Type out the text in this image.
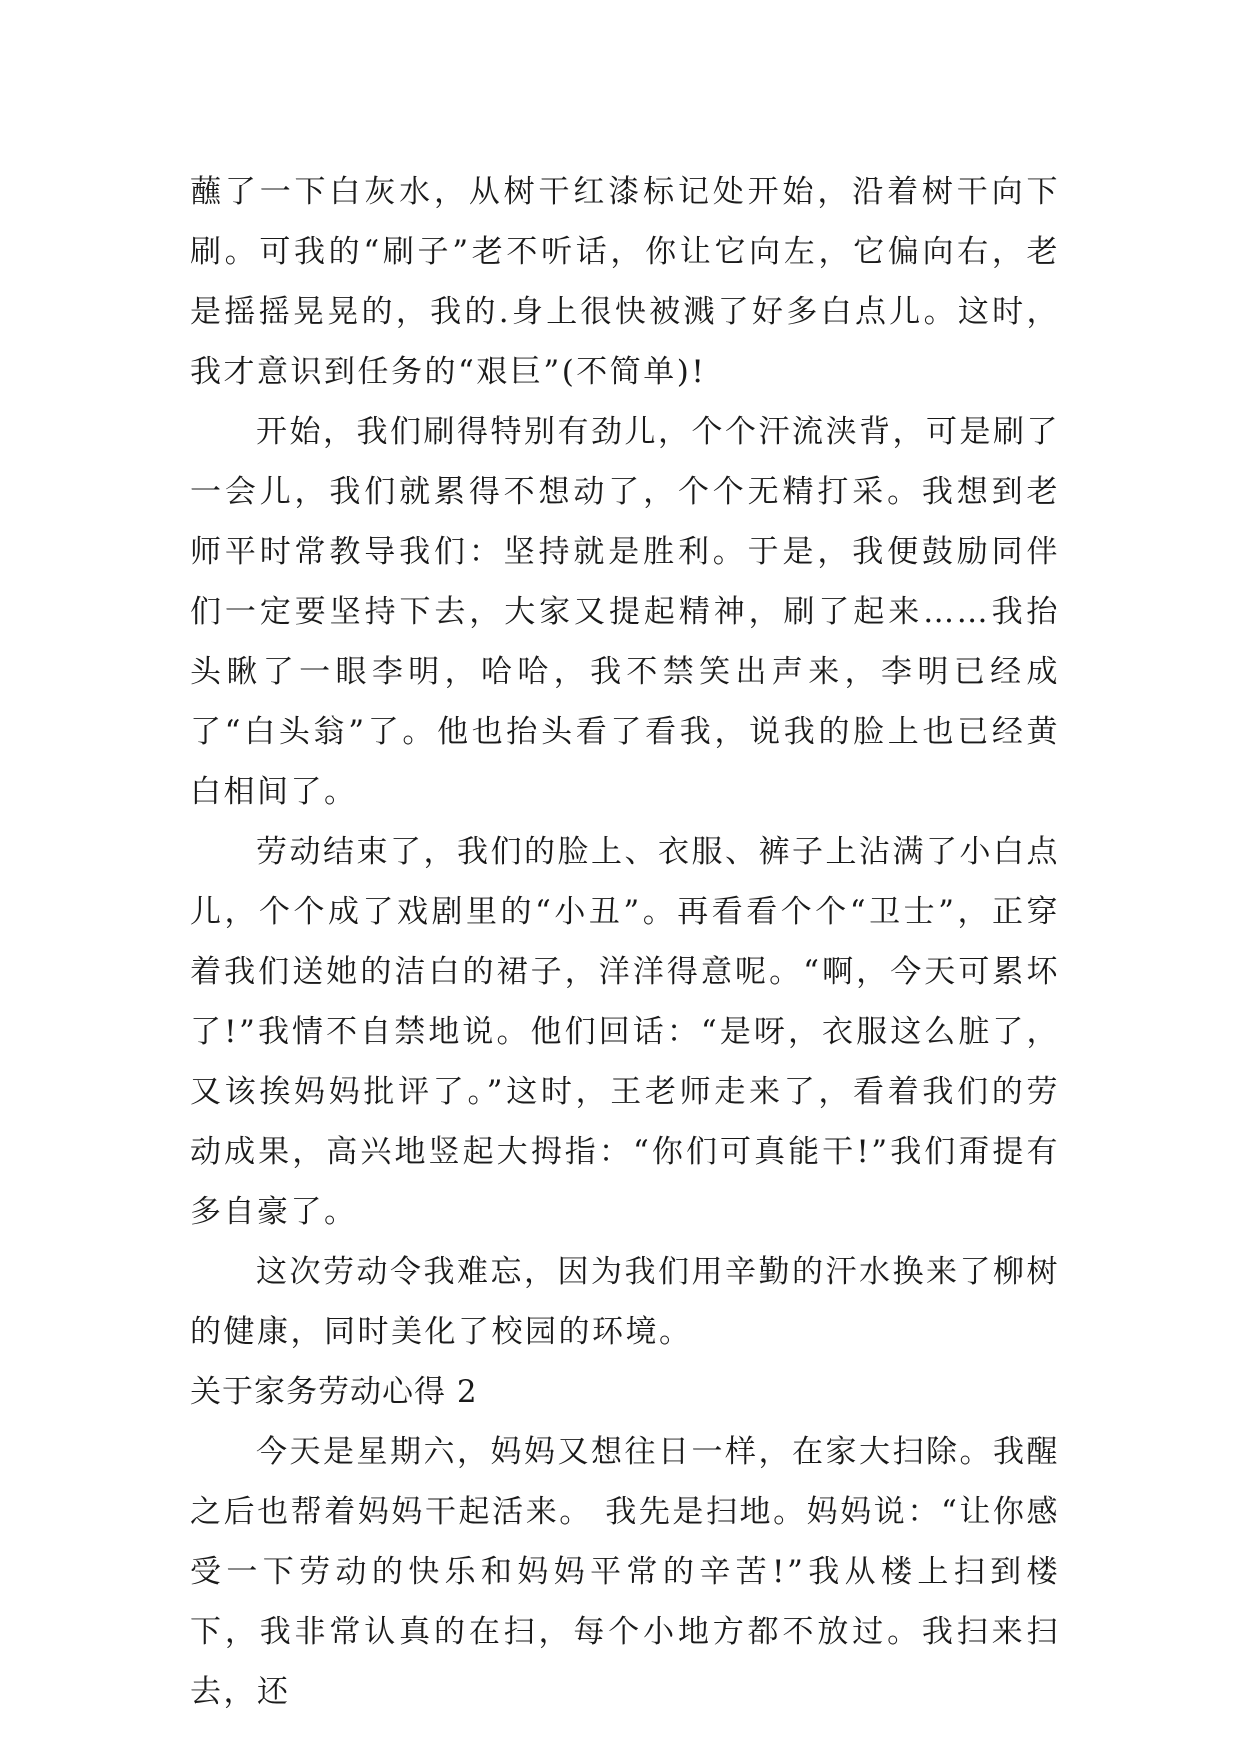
蘸了一下白灰水，从树干红漆标记处开始，沿着树干向下刷。可我的“刷子”老不听话，你让它向左，它偏向右，老是摇摇晃晃的，我的.身上很快被溅了好多白点儿。这时，我才意识到任务的“艰巨”(不简单)!

开始，我们刷得特别有劲儿，个个汗流浃背，可是刷了一会儿，我们就累得不想动了，个个无精打采。我想到老师平时常教导我们：坚持就是胜利。于是，我便鼓励同伴们一定要坚持下去，大家又提起精神，刷了起来……我抬头瞅了一眼李明，哈哈，我不禁笑出声来，李明已经成了“白头翁”了。他也抬头看了看我，说我的脸上也已经黄白相间了。

劳动结束了，我们的脸上、衣服、裤子上沾满了小白点儿，个个成了戏剧里的“小丑”。再看看个个“卫士”，正穿着我们送她的洁白的裙子，洋洋得意呢。“啊，今天可累坏了!”我情不自禁地说。他们回话：“是呀，衣服这么脏了，又该挨妈妈批评了。”这时，王老师走来了，看着我们的劳动成果，高兴地竖起大拇指：“你们可真能干!”我们甭提有多自豪了。

这次劳动令我难忘，因为我们用辛勤的汗水换来了柳树的健康，同时美化了校园的环境。

关于家务劳动心得 2

今天是星期六，妈妈又想往日一样，在家大扫除。我醒之后也帮着妈妈干起活来。 我先是扫地。妈妈说：“让你感受一下劳动的快乐和妈妈平常的辛苦!”我从楼上扫到楼下，我非常认真的在扫，每个小地方都不放过。我扫来扫去，还
